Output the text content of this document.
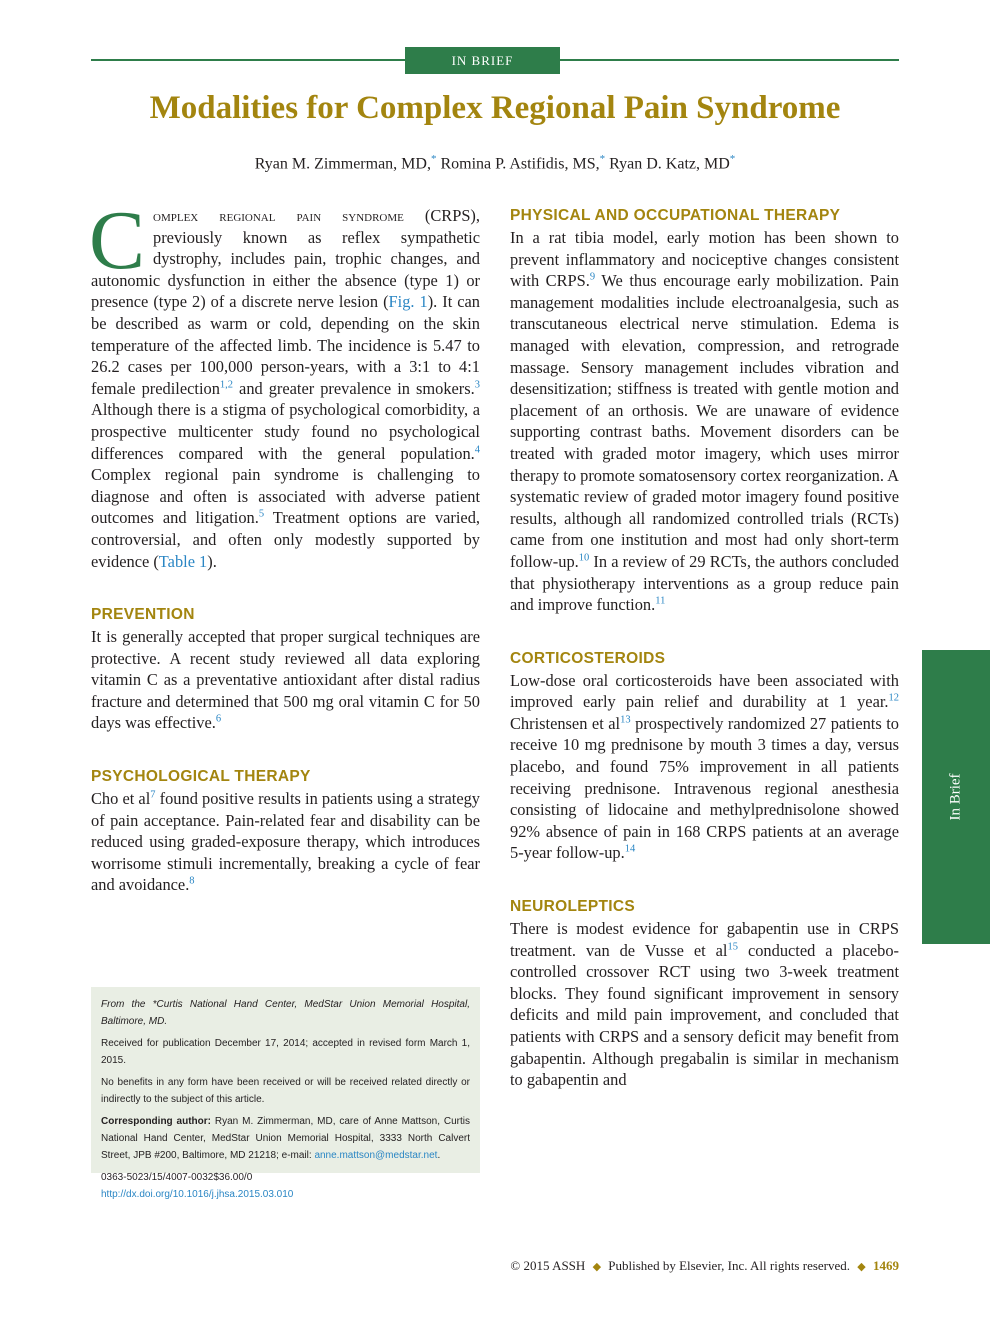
IN BRIEF
Modalities for Complex Regional Pain Syndrome
Ryan M. Zimmerman, MD,* Romina P. Astifidis, MS,* Ryan D. Katz, MD*

Complex regional pain syndrome (CRPS), previously known as reflex sympathetic dystrophy, includes pain, trophic changes, and autonomic dysfunction in either the absence (type 1) or presence (type 2) of a discrete nerve lesion (Fig. 1). It can be described as warm or cold, depending on the skin temperature of the affected limb. The incidence is 5.47 to 26.2 cases per 100,000 person-years, with a 3:1 to 4:1 female predilection$^{1,2}$ and greater prevalence in smokers.$^3$ Although there is a stigma of psychological comorbidity, a prospective multicenter study found no psychological differences compared with the general population.$^4$ Complex regional pain syndrome is challenging to diagnose and often is associated with adverse patient outcomes and litigation.$^5$ Treatment options are varied, controversial, and often only modestly supported by evidence (Table 1).

PREVENTION

It is generally accepted that proper surgical techniques are protective. A recent study reviewed all data exploring vitamin C as a preventative antioxidant after distal radius fracture and determined that 500 mg oral vitamin C for 50 days was effective.$^6$

PSYCHOLOGICAL THERAPY

Cho et al$^7$ found positive results in patients using a strategy of pain acceptance. Pain-related fear and disability can be reduced using graded-exposure therapy, which introduces worrisome stimuli incrementally, breaking a cycle of fear and avoidance.$^8$

From the *Curtis National Hand Center, MedStar Union Memorial Hospital, Baltimore, MD.

Received for publication December 17, 2014; accepted in revised form March 1, 2015.

No benefits in any form have been received or will be received related directly or indirectly to the subject of this article.

Corresponding author: Ryan M. Zimmerman, MD, care of Anne Mattson, Curtis National Hand Center, MedStar Union Memorial Hospital, 3333 North Calvert Street, JPB #200, Baltimore, MD 21218; e-mail: anne.mattson@medstar.net.

0363-5023/15/4007-0032$36.00/0
http://dx.doi.org/10.1016/j.jhsa.2015.03.010

PHYSICAL AND OCCUPATIONAL THERAPY

In a rat tibia model, early motion has been shown to prevent inflammatory and nociceptive changes consistent with CRPS.$^9$ We thus encourage early mobilization. Pain management modalities include electroanalgesia, such as transcutaneous electrical nerve stimulation. Edema is managed with elevation, compression, and retrograde massage. Sensory management includes vibration and desensitization; stiffness is treated with gentle motion and placement of an orthosis. We are unaware of evidence supporting contrast baths. Movement disorders can be treated with graded motor imagery, which uses mirror therapy to promote somatosensory cortex reorganization. A systematic review of graded motor imagery found positive results, although all randomized controlled trials (RCTs) came from one institution and most had only short-term follow-up.$^{10}$ In a review of 29 RCTs, the authors concluded that physiotherapy interventions as a group reduce pain and improve function.$^{11}$

CORTICOSTEROIDS

Low-dose oral corticosteroids have been associated with improved early pain relief and durability at 1 year.$^{12}$ Christensen et al$^{13}$ prospectively randomized 27 patients to receive 10 mg prednisone by mouth 3 times a day, versus placebo, and found 75% improvement in all patients receiving prednisone. Intravenous regional anesthesia consisting of lidocaine and methylprednisolone showed 92% absence of pain in 168 CRPS patients at an average 5-year follow-up.$^{14}$

NEUROLEPTICS

There is modest evidence for gabapentin use in CRPS treatment. van de Vusse et al$^{15}$ conducted a placebo-controlled crossover RCT using two 3-week treatment blocks. They found significant improvement in sensory deficits and mild pain improvement, and concluded that patients with CRPS and a sensory deficit may benefit from gabapentin. Although pregabalin is similar in mechanism to gabapentin and

In Brief
© 2015 ASSH ◆ Published by Elsevier, Inc. All rights reserved. ◆ 1469
